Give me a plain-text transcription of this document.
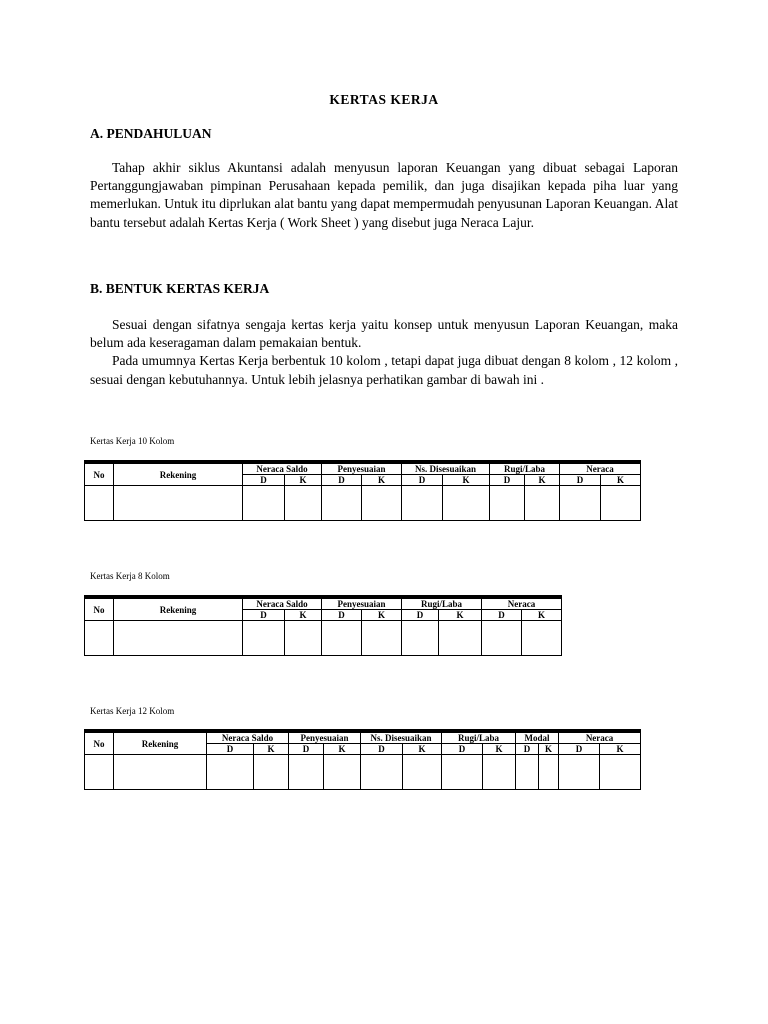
KERTAS KERJA
A. PENDAHULUAN

Tahap akhir siklus Akuntansi adalah menyusun laporan Keuangan yang dibuat sebagai Laporan Pertanggungjawaban pimpinan Perusahaan kepada pemilik, dan juga disajikan kepada piha luar yang memerlukan. Untuk itu diprlukan alat bantu yang dapat mempermudah penyusunan Laporan Keuangan. Alat bantu tersebut adalah Kertas Kerja ( Work Sheet ) yang disebut juga Neraca Lajur.

B. BENTUK KERTAS KERJA

Sesuai dengan sifatnya sengaja kertas kerja yaitu konsep untuk menyusun Laporan Keuangan, maka belum ada keseragaman dalam pemakaian bentuk.

Pada umumnya Kertas Kerja berbentuk 10 kolom , tetapi dapat juga dibuat dengan 8 kolom , 12 kolom , sesuai dengan kebutuhannya. Untuk lebih jelasnya perhatikan gambar di bawah ini .

Kertas Kerja 10 Kolom
No	Rekening	Neraca Saldo		Penyesuaian		Ns. Disesuaikan		Rugi/Laba		Neraca	
		D	K	D	K	D	K	D	K	D	K

Kertas Kerja 8 Kolom
No	Rekening	Neraca Saldo		Penyesuaian		Rugi/Laba		Neraca	
		D	K	D	K	D	K	D	K

Kertas Kerja 12 Kolom
No	Rekening	Neraca Saldo		Penyesuaian		Ns. Disesuaikan		Rugi/Laba		Modal		Neraca	
		D	K	D	K	D	K	D	K	D	K	D	K
